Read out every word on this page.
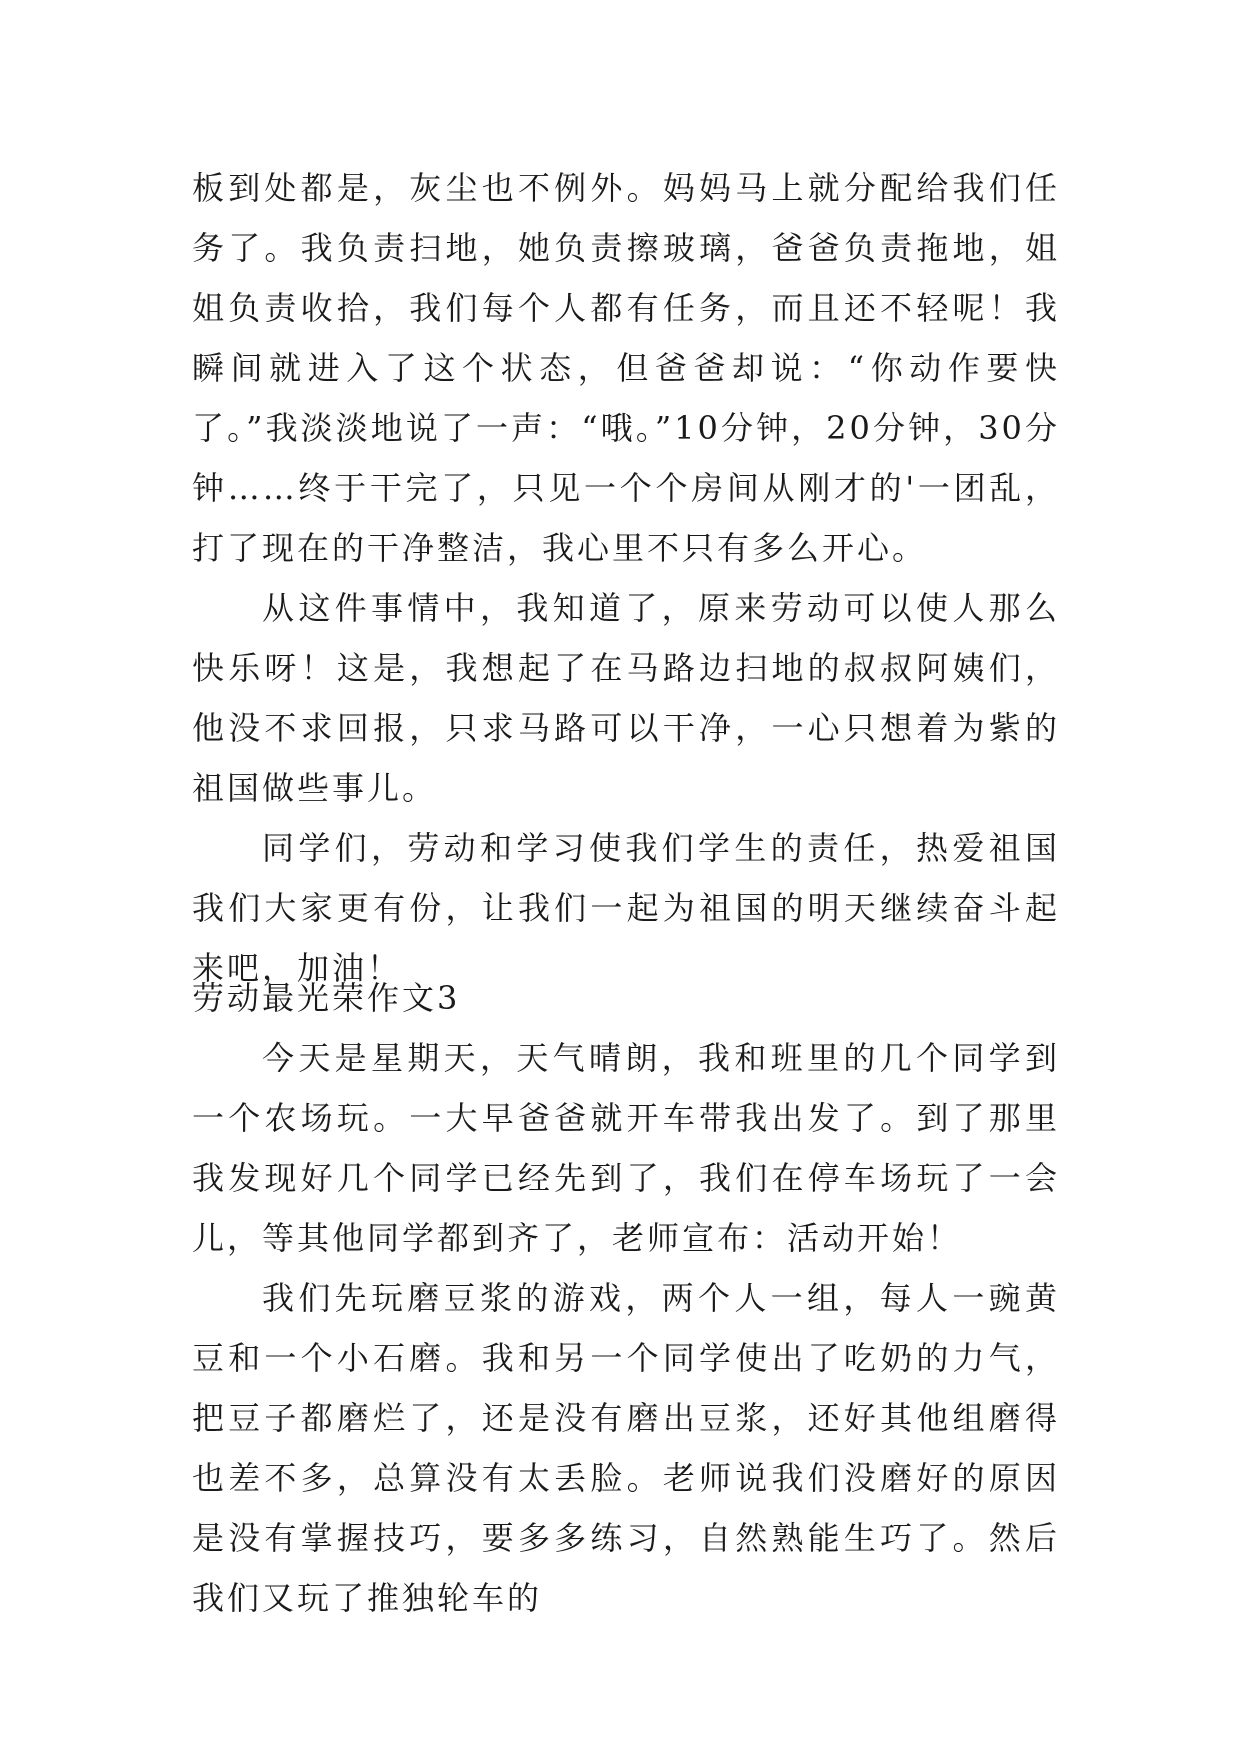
板到处都是，灰尘也不例外。妈妈马上就分配给我们任务了。我负责扫地，她负责擦玻璃，爸爸负责拖地，姐姐负责收拾，我们每个人都有任务，而且还不轻呢！我瞬间就进入了这个状态，但爸爸却说：“你动作要快了。”我淡淡地说了一声：“哦。”10分钟，20分钟，30分钟……终于干完了，只见一个个房间从刚才的'一团乱，打了现在的干净整洁，我心里不只有多么开心。

从这件事情中，我知道了，原来劳动可以使人那么快乐呀！这是，我想起了在马路边扫地的叔叔阿姨们，他没不求回报，只求马路可以干净，一心只想着为紫的祖国做些事儿。

同学们，劳动和学习使我们学生的责任，热爱祖国我们大家更有份，让我们一起为祖国的明天继续奋斗起来吧，加油！

劳动最光荣作文3

今天是星期天，天气晴朗，我和班里的几个同学到一个农场玩。一大早爸爸就开车带我出发了。到了那里我发现好几个同学已经先到了，我们在停车场玩了一会儿，等其他同学都到齐了，老师宣布：活动开始！

我们先玩磨豆浆的游戏，两个人一组，每人一豌黄豆和一个小石磨。我和另一个同学使出了吃奶的力气，把豆子都磨烂了，还是没有磨出豆浆，还好其他组磨得也差不多，总算没有太丢脸。老师说我们没磨好的原因是没有掌握技巧，要多多练习，自然熟能生巧了。然后我们又玩了推独轮车的
